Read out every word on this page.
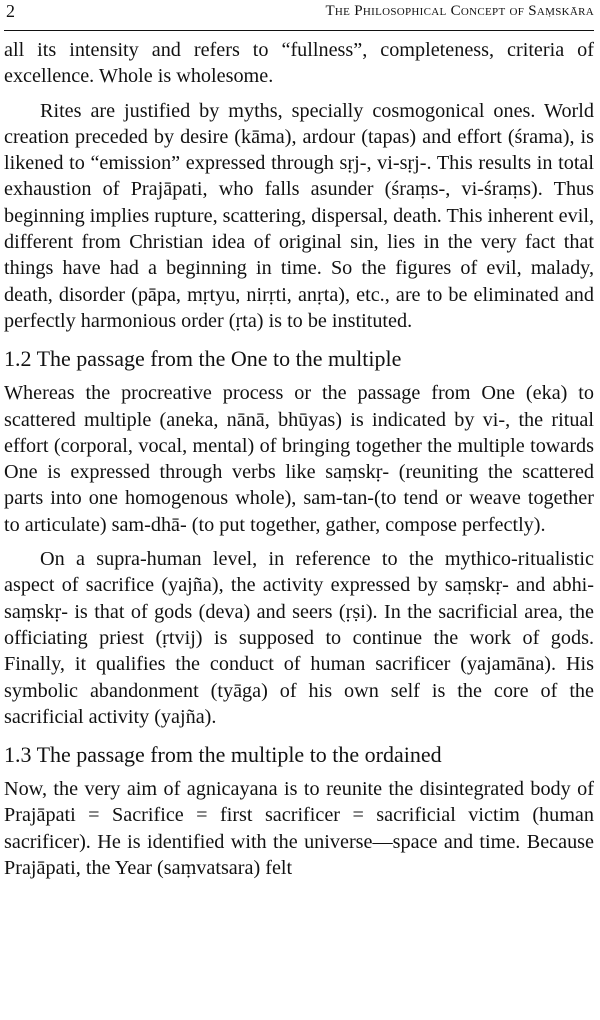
2	The Philosophical Concept of Saṃskāra

all its intensity and refers to “fullness”, completeness, criteria of excellence. Whole is wholesome.

Rites are justified by myths, specially cosmogonical ones. World creation preceded by desire (kāma), ardour (tapas) and effort (śrama), is likened to “emission” expressed through sṛj-, vi-sṛj-. This results in total exhaustion of Prajāpati, who falls asunder (śraṃs-, vi-śraṃs). Thus beginning implies rupture, scattering, dispersal, death. This inherent evil, different from Christian idea of original sin, lies in the very fact that things have had a beginning in time. So the figures of evil, malady, death, disorder (pāpa, mṛtyu, nirṛti, anṛta), etc., are to be eliminated and perfectly harmonious order (ṛta) is to be instituted.

1.2 The passage from the One to the multiple

Whereas the procreative process or the passage from One (eka) to scattered multiple (aneka, nānā, bhūyas) is indicated by vi-, the ritual effort (corporal, vocal, mental) of bringing together the multiple towards One is expressed through verbs like saṃskṛ- (reuniting the scattered parts into one homogenous whole), sam-tan-(to tend or weave together to articulate) sam-dhā- (to put together, gather, compose perfectly).

On a supra-human level, in reference to the mythico-ritualistic aspect of sacrifice (yajña), the activity expressed by saṃskṛ- and abhi-saṃskṛ- is that of gods (deva) and seers (ṛṣi). In the sacrificial area, the officiating priest (ṛtvij) is supposed to continue the work of gods. Finally, it qualifies the conduct of human sacrificer (yajamāna). His symbolic abandonment (tyāga) of his own self is the core of the sacrificial activity (yajña).

1.3 The passage from the multiple to the ordained

Now, the very aim of agnicayana is to reunite the disintegrated body of Prajāpati = Sacrifice = first sacrificer = sacrificial victim (human sacrificer). He is identified with the universe—space and time. Because Prajāpati, the Year (saṃvatsara) felt
